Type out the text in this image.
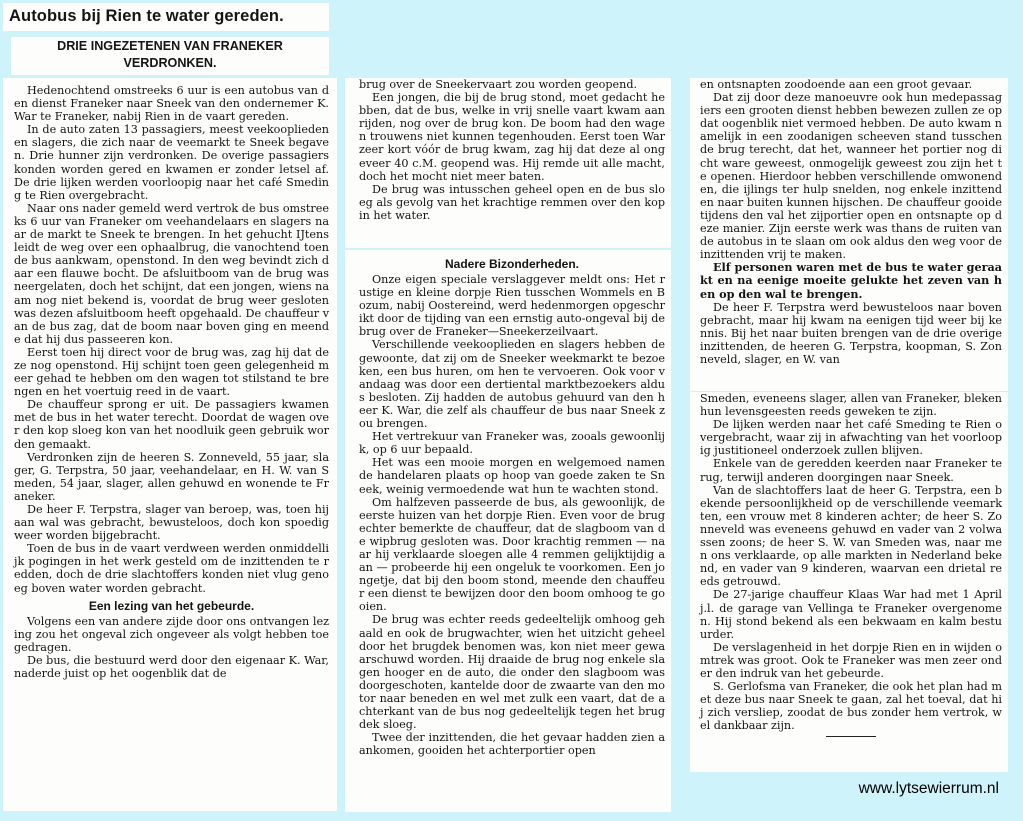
Autobus bij Rien te water gereden.
DRIE INGEZETENEN VAN FRANEKER VERDRONKEN.

Hedenochtend omstreeks 6 uur is een autobus van den dienst Franeker naar Sneek van den ondernemer K. War te Franeker, nabij Rien in de vaart gereden.

In de auto zaten 13 passagiers, meest veekooplieden en slagers, die zich naar de veemarkt te Sneek begaven. Drie hunner zijn verdronken. De overige passagiers konden worden gered en kwamen er zonder letsel af. De drie lijken werden voorloopig naar het café Smeding te Rien overgebracht.

Naar ons nader gemeld werd vertrok de bus omstreeks 6 uur van Franeker om veehandelaars en slagers naar de markt te Sneek te brengen. In het gehucht IJtens leidt de weg over een ophaalbrug, die vanochtend toen de bus aankwam, openstond. In den weg bevindt zich daar een flauwe bocht. De afsluitboom van de brug was neergelaten, doch het schijnt, dat een jongen, wiens naam nog niet bekend is, voordat de brug weer gesloten was dezen afsluitboom heeft opgehaald. De chauffeur van de bus zag, dat de boom naar boven ging en meende dat hij dus passeeren kon.

Eerst toen hij direct voor de brug was, zag hij dat deze nog openstond. Hij schijnt toen geen gelegenheid meer gehad te hebben om den wagen tot stilstand te brengen en het voertuig reed in de vaart.

De chauffeur sprong er uit. De passagiers kwamen met de bus in het water terecht. Doordat de wagen over den kop sloeg kon van het noodluik geen gebruik worden gemaakt.

Verdronken zijn de heeren S. Zonneveld, 55 jaar, slager, G. Terpstra, 50 jaar, veehandelaar, en H. W. van Smeden, 54 jaar, slager, allen gehuwd en wonende te Franeker.

De heer F. Terpstra, slager van beroep, was, toen hij aan wal was gebracht, bewusteloos, doch kon spoedig weer worden bijgebracht.

Toen de bus in de vaart verdween werden onmiddellijk pogingen in het werk gesteld om de inzittenden te redden, doch de drie slachtoffers konden niet vlug genoeg boven water worden gebracht.

Een lezing van het gebeurde.

Volgens een van andere zijde door ons ontvangen lezing zou het ongeval zich ongeveer als volgt hebben toegedragen.

De bus, die bestuurd werd door den eigenaar K. War, naderde juist op het oogenblik dat de

brug over de Sneekervaart zou worden geopend.

Een jongen, die bij de brug stond, moet gedacht hebben, dat de bus, welke in vrij snelle vaart kwam aanrijden, nog over de brug kon. De boom had den wagen trouwens niet kunnen tegenhouden. Eerst toen War zeer kort vóór de brug kwam, zag hij dat deze al ongeveer 40 c.M. geopend was. Hij remde uit alle macht, doch het mocht niet meer baten.

De brug was intusschen geheel open en de bus sloeg als gevolg van het krachtige remmen over den kop in het water.

Nadere Bizonderheden.

Onze eigen speciale verslaggever meldt ons: Het rustige en kleine dorpje Rien tusschen Wommels en Bozum, nabij Oostereind, werd hedenmorgen opgeschrikt door de tijding van een ernstig auto-ongeval bij de brug over de Franeker—Sneekerzeilvaart.

Verschillende veekooplieden en slagers hebben de gewoonte, dat zij om de Sneeker weekmarkt te bezoeken, een bus huren, om hen te vervoeren. Ook voor vandaag was door een dertiental marktbezoekers aldus besloten. Zij hadden de autobus gehuurd van den heer K. War, die zelf als chauffeur de bus naar Sneek zou brengen.

Het vertrekuur van Franeker was, zooals gewoonlijk, op 6 uur bepaald.

Het was een mooie morgen en welgemoed namen de handelaren plaats op hoop van goede zaken te Sneek, weinig vermoedende wat hun te wachten stond.

Om halfzeven passeerde de bus, als gewoonlijk, de eerste huizen van het dorpje Rien. Even voor de brug echter bemerkte de chauffeur, dat de slagboom van de wipbrug gesloten was. Door krachtig remmen — naar hij verklaarde sloegen alle 4 remmen gelijktijdig aan — probeerde hij een ongeluk te voorkomen. Een jongetje, dat bij den boom stond, meende den chauffeur een dienst te bewijzen door den boom omhoog te gooien.

De brug was echter reeds gedeeltelijk omhoog gehaald en ook de brugwachter, wien het uitzicht geheel door het brugdek benomen was, kon niet meer gewaarschuwd worden. Hij draaide de brug nog enkele slagen hooger en de auto, die onder den slagboom was doorgeschoten, kantelde door de zwaarte van den motor naar beneden en wel met zulk een vaart, dat de achterkant van de bus nog gedeeltelijk tegen het brugdek sloeg.

Twee der inzittenden, die het gevaar hadden zien aankomen, gooiden het achterportier open

en ontsnapten zoodoende aan een groot gevaar.

Dat zij door deze manoeuvre ook hun medepassagiers een grooten dienst hebben bewezen zullen ze op dat oogenblik niet vermoed hebben. De auto kwam namelijk in een zoodanigen scheeven stand tusschen de brug terecht, dat het, wanneer het portier nog dicht ware geweest, onmogelijk geweest zou zijn het te openen. Hierdoor hebben verschillende omwonenden, die ijlings ter hulp snelden, nog enkele inzittenden naar buiten kunnen hijschen. De chauffeur gooide tijdens den val het zijportier open en ontsnapte op deze manier. Zijn eerste werk was thans de ruiten van de autobus in te slaan om ook aldus den weg voor de inzittenden vrij te maken.

Elf personen waren met de bus te water geraakt en na eenige moeite gelukte het zeven van hen op den wal te brengen.

De heer F. Terpstra werd bewusteloos naar boven gebracht, maar hij kwam na eenigen tijd weer bij kennis. Bij het naar buiten brengen van de drie overige inzittenden, de heeren G. Terpstra, koopman, S. Zonneveld, slager, en W. van

Smeden, eveneens slager, allen van Franeker, bleken hun levensgeesten reeds geweken te zijn.

De lijken werden naar het café Smeding te Rien overgebracht, waar zij in afwachting van het voorloopig justitioneel onderzoek zullen blijven.

Enkele van de geredden keerden naar Franeker terug, terwijl anderen doorgingen naar Sneek.

Van de slachtoffers laat de heer G. Terpstra, een bekende persoonlijkheid op de verschillende veemarkten, een vrouw met 8 kinderen achter; de heer S. Zonneveld was eveneens gehuwd en vader van 2 volwassen zoons; de heer S. W. van Smeden was, naar men ons verklaarde, op alle markten in Nederland bekend, en vader van 9 kinderen, waarvan een drietal reeds getrouwd.

De 27-jarige chauffeur Klaas War had met 1 April j.l. de garage van Vellinga te Franeker overgenomen. Hij stond bekend als een bekwaam en kalm bestuurder.

De verslagenheid in het dorpje Rien en in wijden omtrek was groot. Ook te Franeker was men zeer onder den indruk van het gebeurde.

S. Gerlofsma van Franeker, die ook het plan had met deze bus naar Sneek te gaan, zal het toeval, dat hij zich versliep, zoodat de bus zonder hem vertrok, wel dankbaar zijn.

www.lytsewierrum.nl
